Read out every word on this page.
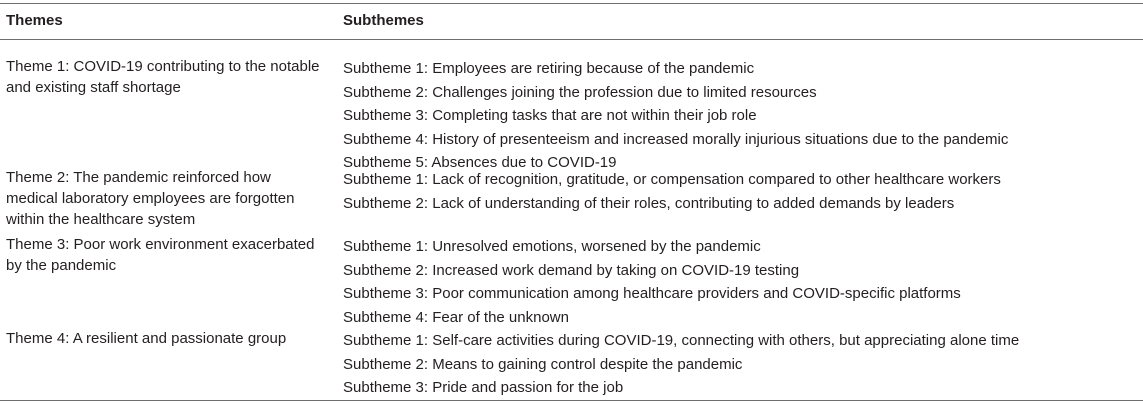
Themes	Subthemes
Theme 1: COVID-19 contributing to the notable
and existing staff shortage
Subtheme 1: Employees are retiring because of the pandemic
Subtheme 2: Challenges joining the profession due to limited resources
Subtheme 3: Completing tasks that are not within their job role
Subtheme 4: History of presenteeism and increased morally injurious situations due to the pandemic
Subtheme 5: Absences due to COVID-19
Theme 2: The pandemic reinforced how
medical laboratory employees are forgotten
within the healthcare system
Subtheme 1: Lack of recognition, gratitude, or compensation compared to other healthcare workers
Subtheme 2: Lack of understanding of their roles, contributing to added demands by leaders
Theme 3: Poor work environment exacerbated
by the pandemic
Subtheme 1: Unresolved emotions, worsened by the pandemic
Subtheme 2: Increased work demand by taking on COVID-19 testing
Subtheme 3: Poor communication among healthcare providers and COVID-specific platforms
Subtheme 4: Fear of the unknown
Theme 4: A resilient and passionate group	Subtheme 1: Self-care activities during COVID-19, connecting with others, but appreciating alone time
Subtheme 2: Means to gaining control despite the pandemic
Subtheme 3: Pride and passion for the job
